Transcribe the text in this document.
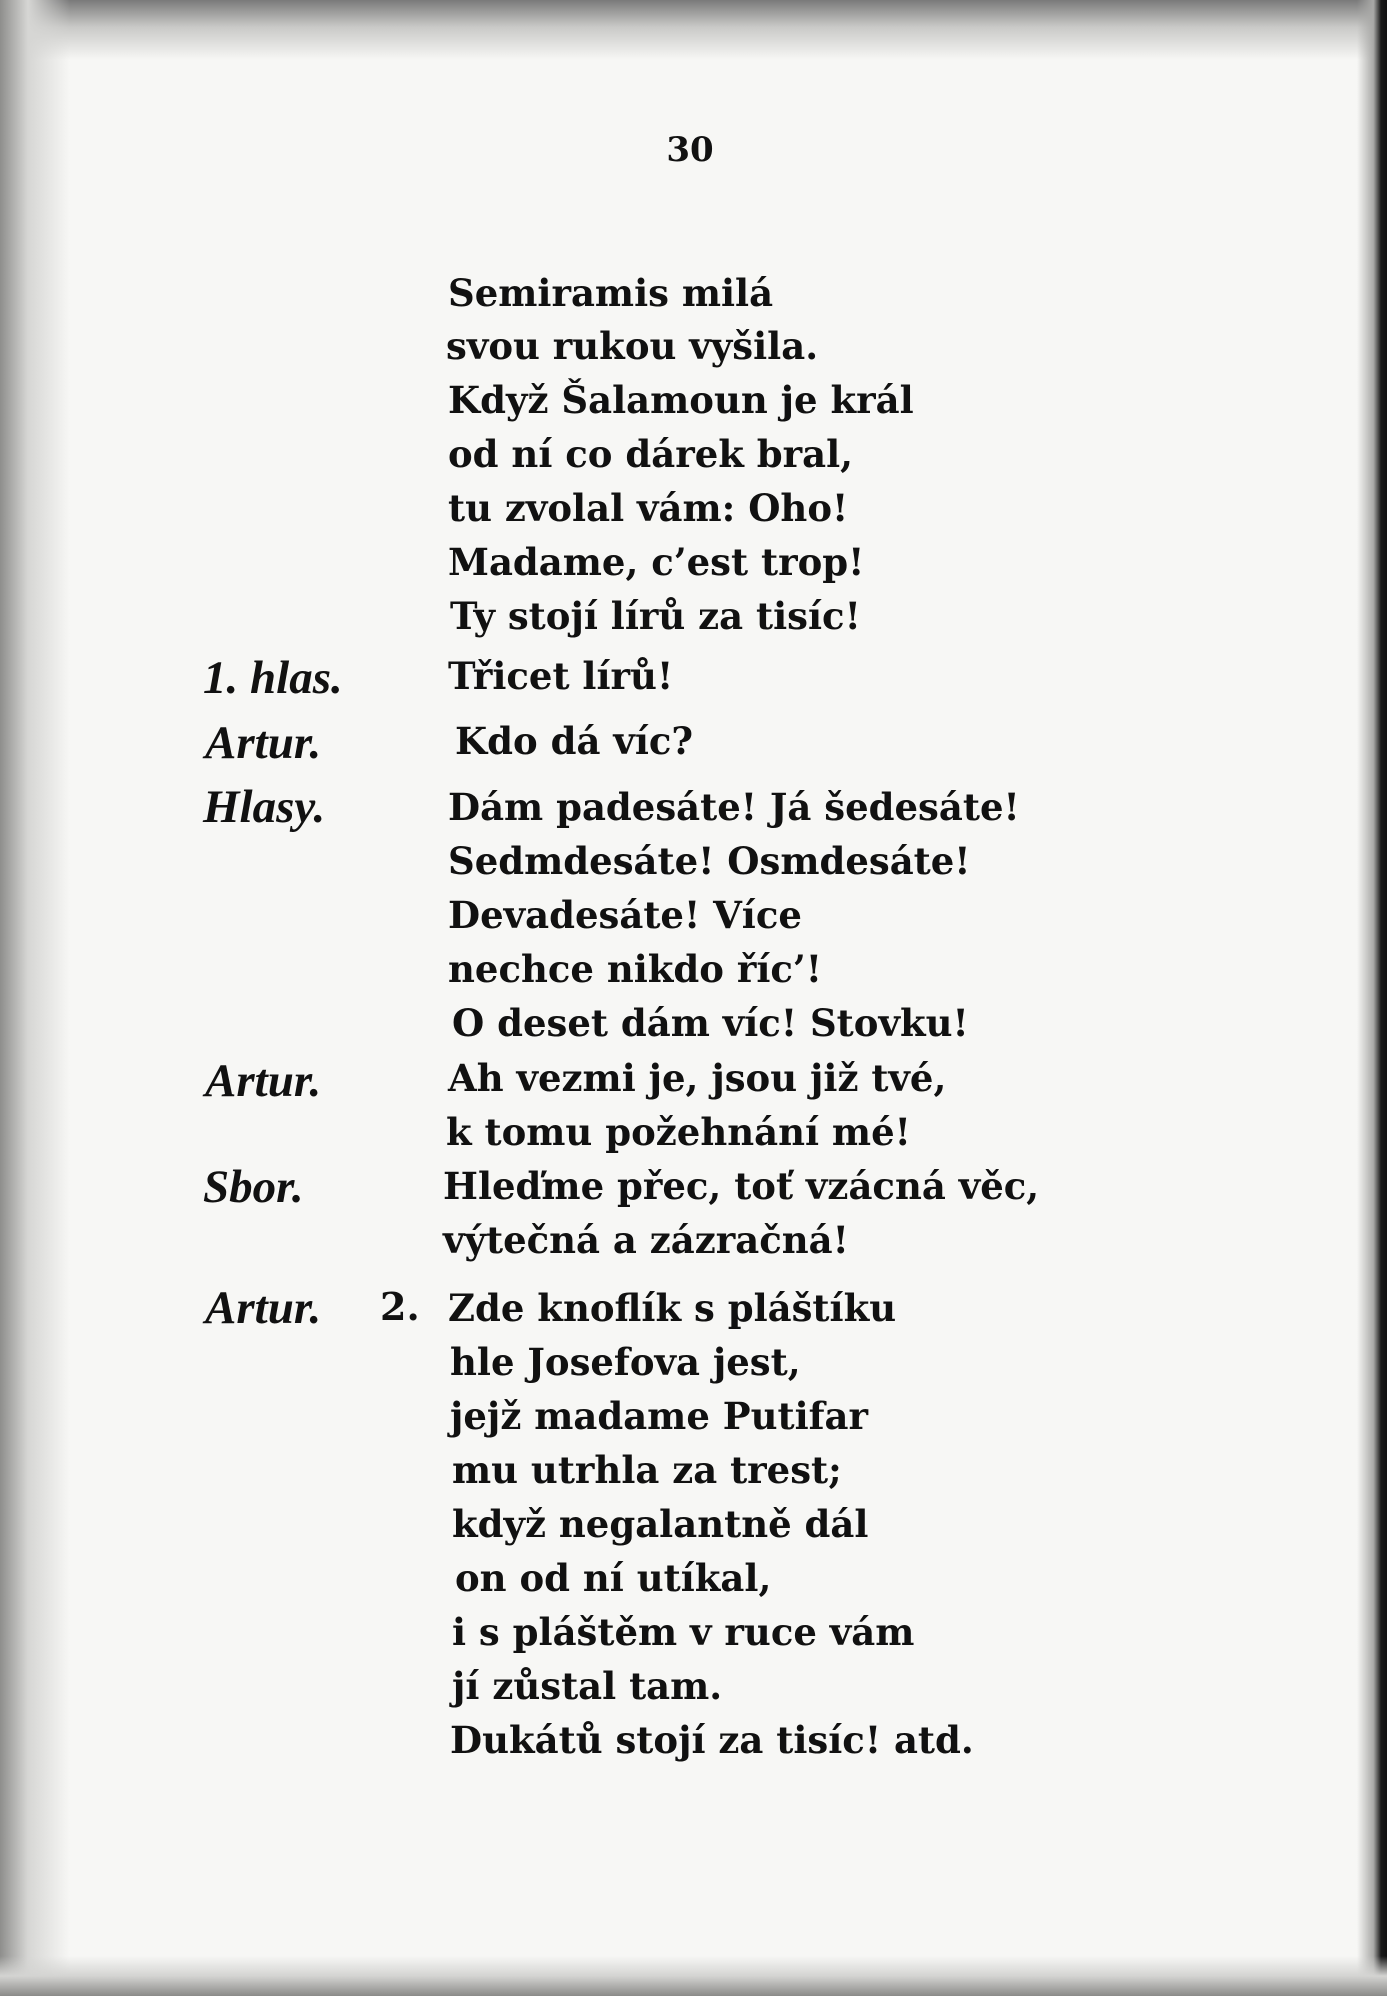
30
1. hlas.
Artur.
Hlasy.
Artur.
Sbor.
Artur. 2.
Semiramis milá
svou rukou vyšila.
Když Šalamoun je král
od ní co dárek bral,
tu zvolal vám: Oho!
Madame, c’est trop!
Ty stojí lírů za tisíc!
Třicet lírů!
Kdo dá víc?
Dám padesáte! Já šedesáte!
Sedmdesáte! Osmdesáte!
Devadesáte! Více
nechce nikdo říc’!
O deset dám víc! Stovku!
Ah vezmi je, jsou již tvé,
k tomu požehnání mé!
Hleďme přec, toť vzácná věc,
výtečná a zázračná!
Zde knoflík s pláštíku
hle Josefova jest,
jejž madame Putifar
mu utrhla za trest;
když negalantně dál
on od ní utíkal,
i s pláštěm v ruce vám
jí zůstal tam.
Dukátů stojí za tisíc! atd.
